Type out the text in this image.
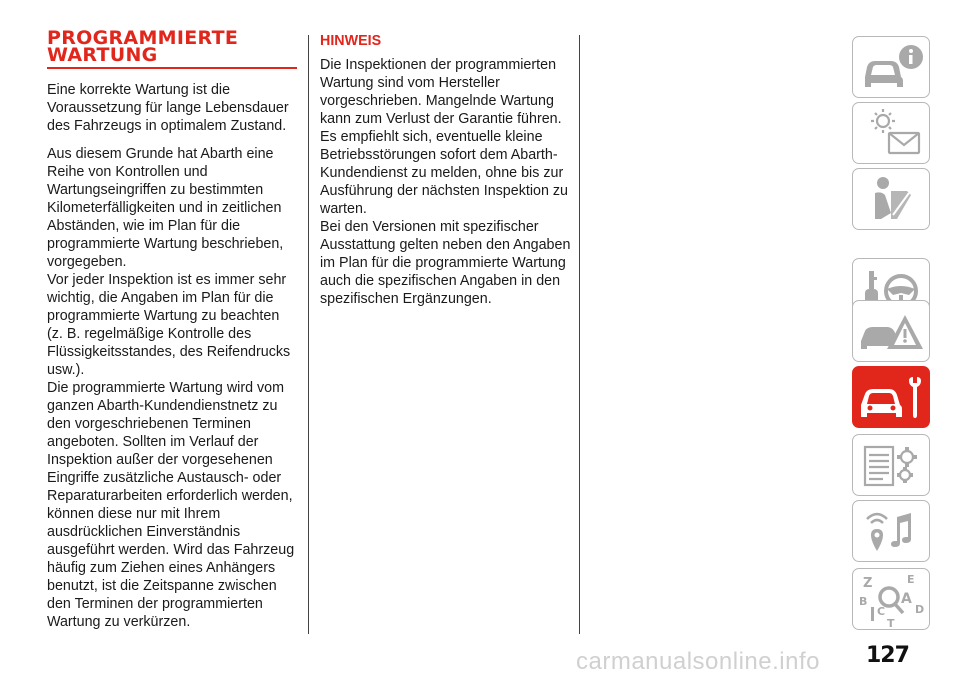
PROGRAMMIERTE
WARTUNG

Eine korrekte Wartung ist die Voraussetzung für lange Lebensdauer des Fahrzeugs in optimalem Zustand.

Aus diesem Grunde hat Abarth eine Reihe von Kontrollen und Wartungseingriffen zu bestimmten Kilometerfälligkeiten und in zeitlichen Abständen, wie im Plan für die programmierte Wartung beschrieben, vorgegeben.

Vor jeder Inspektion ist es immer sehr wichtig, die Angaben im Plan für die programmierte Wartung zu beachten (z. B. regelmäßige Kontrolle des Flüssigkeitsstandes, des Reifendrucks usw.).

Die programmierte Wartung wird vom ganzen Abarth-Kundendienstnetz zu den vorgeschriebenen Terminen angeboten. Sollten im Verlauf der Inspektion außer der vorgesehenen Eingriffe zusätzliche Austausch- oder Reparaturarbeiten erforderlich werden, können diese nur mit Ihrem ausdrücklichen Einverständnis ausgeführt werden. Wird das Fahrzeug häufig zum Ziehen eines Anhängers benutzt, ist die Zeitspanne zwischen den Terminen der programmierten Wartung zu verkürzen.

HINWEIS

Die Inspektionen der programmierten Wartung sind vom Hersteller vorgeschrieben. Mangelnde Wartung kann zum Verlust der Garantie führen. Es empfiehlt sich, eventuelle kleine Betriebsstörungen sofort dem Abarth-Kundendienst zu melden, ohne bis zur Ausführung der nächsten Inspektion zu warten.

Bei den Versionen mit spezifischer Ausstattung gelten neben den Angaben im Plan für die programmierte Wartung auch die spezifischen Angaben in den spezifischen Ergänzungen.

Z	E
A
B
C	D
T
carmanualsonline.info 127
